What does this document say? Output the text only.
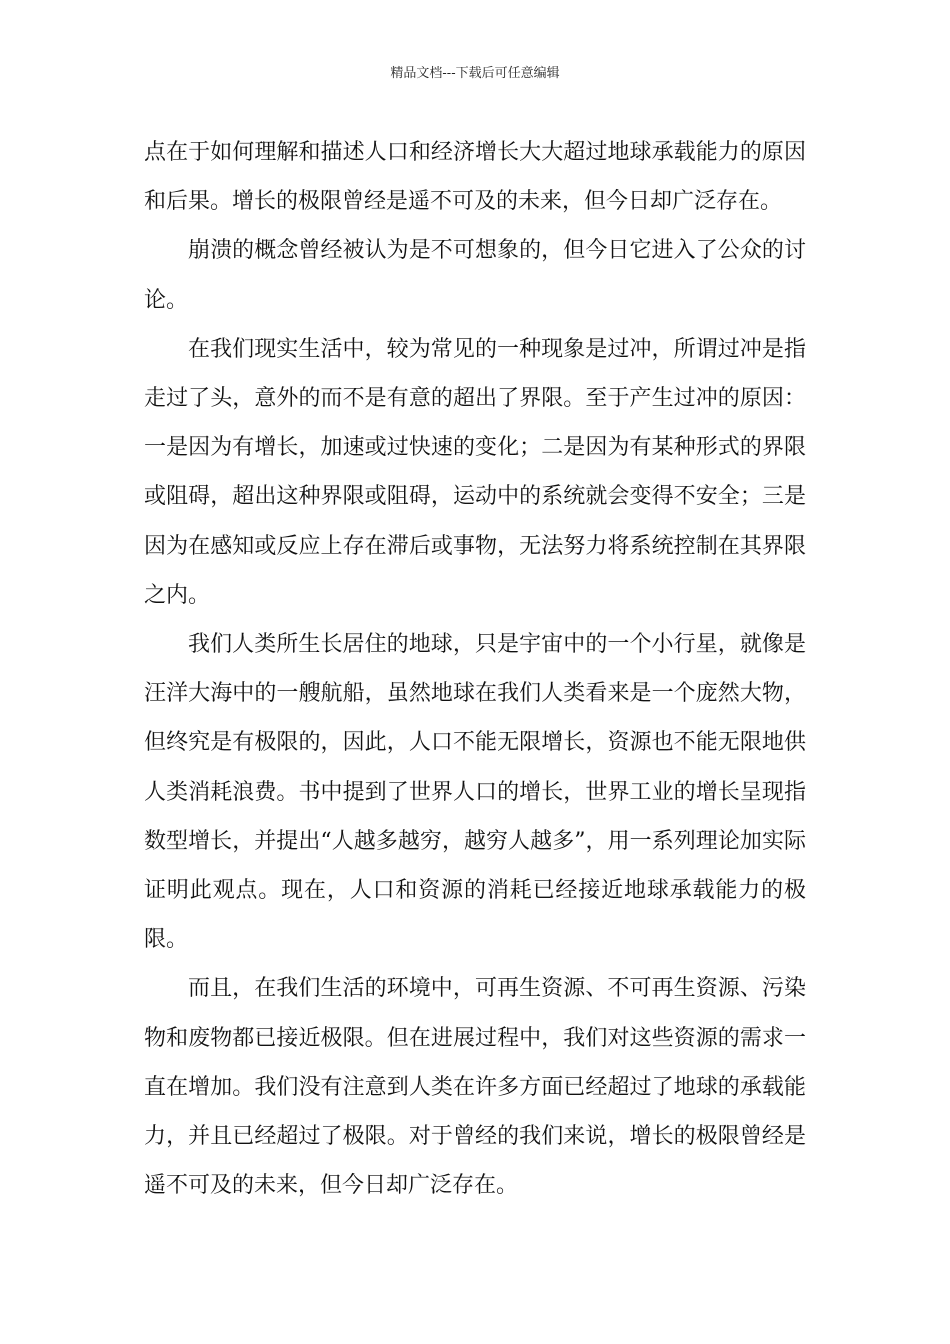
精品文档---下载后可任意编辑

点在于如何理解和描述人口和经济增长大大超过地球承载能力的原因和后果。增长的极限曾经是遥不可及的未来，但今日却广泛存在。

崩溃的概念曾经被认为是不可想象的，但今日它进入了公众的讨论。

在我们现实生活中，较为常见的一种现象是过冲，所谓过冲是指走过了头，意外的而不是有意的超出了界限。至于产生过冲的原因：一是因为有增长，加速或过快速的变化；二是因为有某种形式的界限或阻碍，超出这种界限或阻碍，运动中的系统就会变得不安全；三是因为在感知或反应上存在滞后或事物，无法努力将系统控制在其界限之内。

我们人类所生长居住的地球，只是宇宙中的一个小行星，就像是汪洋大海中的一艘航船，虽然地球在我们人类看来是一个庞然大物，但终究是有极限的，因此，人口不能无限增长，资源也不能无限地供人类消耗浪费。书中提到了世界人口的增长，世界工业的增长呈现指数型增长，并提出“人越多越穷，越穷人越多”，用一系列理论加实际证明此观点。现在，人口和资源的消耗已经接近地球承载能力的极限。

而且，在我们生活的环境中，可再生资源、不可再生资源、污染物和废物都已接近极限。但在进展过程中，我们对这些资源的需求一直在增加。我们没有注意到人类在许多方面已经超过了地球的承载能力，并且已经超过了极限。对于曾经的我们来说，增长的极限曾经是遥不可及的未来，但今日却广泛存在。
